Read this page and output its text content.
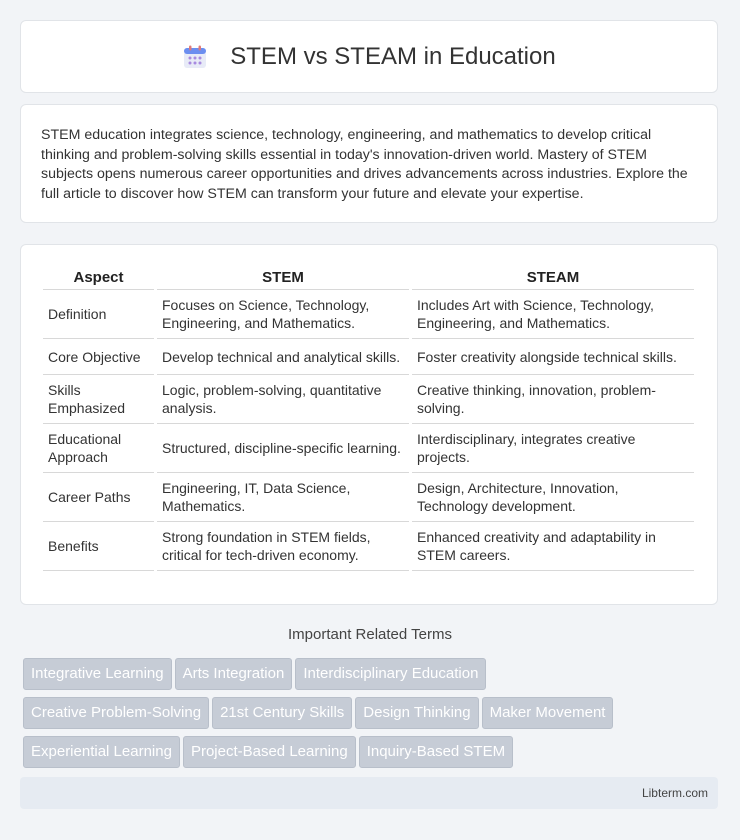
STEM vs STEAM in Education

STEM education integrates science, technology, engineering, and mathematics to develop critical thinking and problem-solving skills essential in today's innovation-driven world. Mastery of STEM subjects opens numerous career opportunities and drives advancements across industries. Explore the full article to discover how STEM can transform your future and elevate your expertise.

Aspect	STEM	STEAM
Definition	Focuses on Science, Technology, Engineering, and Mathematics.	Includes Art with Science, Technology, Engineering, and Mathematics.
Core Objective	Develop technical and analytical skills.	Foster creativity alongside technical skills.
Skills Emphasized	Logic, problem-solving, quantitative analysis.	Creative thinking, innovation, problem-solving.
Educational Approach	Structured, discipline-specific learning.	Interdisciplinary, integrates creative projects.
Career Paths	Engineering, IT, Data Science, Mathematics.	Design, Architecture, Innovation, Technology development.
Benefits	Strong foundation in STEM fields, critical for tech-driven economy.	Enhanced creativity and adaptability in STEM careers.
Important Related Terms
Integrative Learning Arts Integration Interdisciplinary Education
Creative Problem-Solving 21st Century Skills Design Thinking Maker Movement
Experiential Learning Project-Based Learning Inquiry-Based STEM
Libterm.com
